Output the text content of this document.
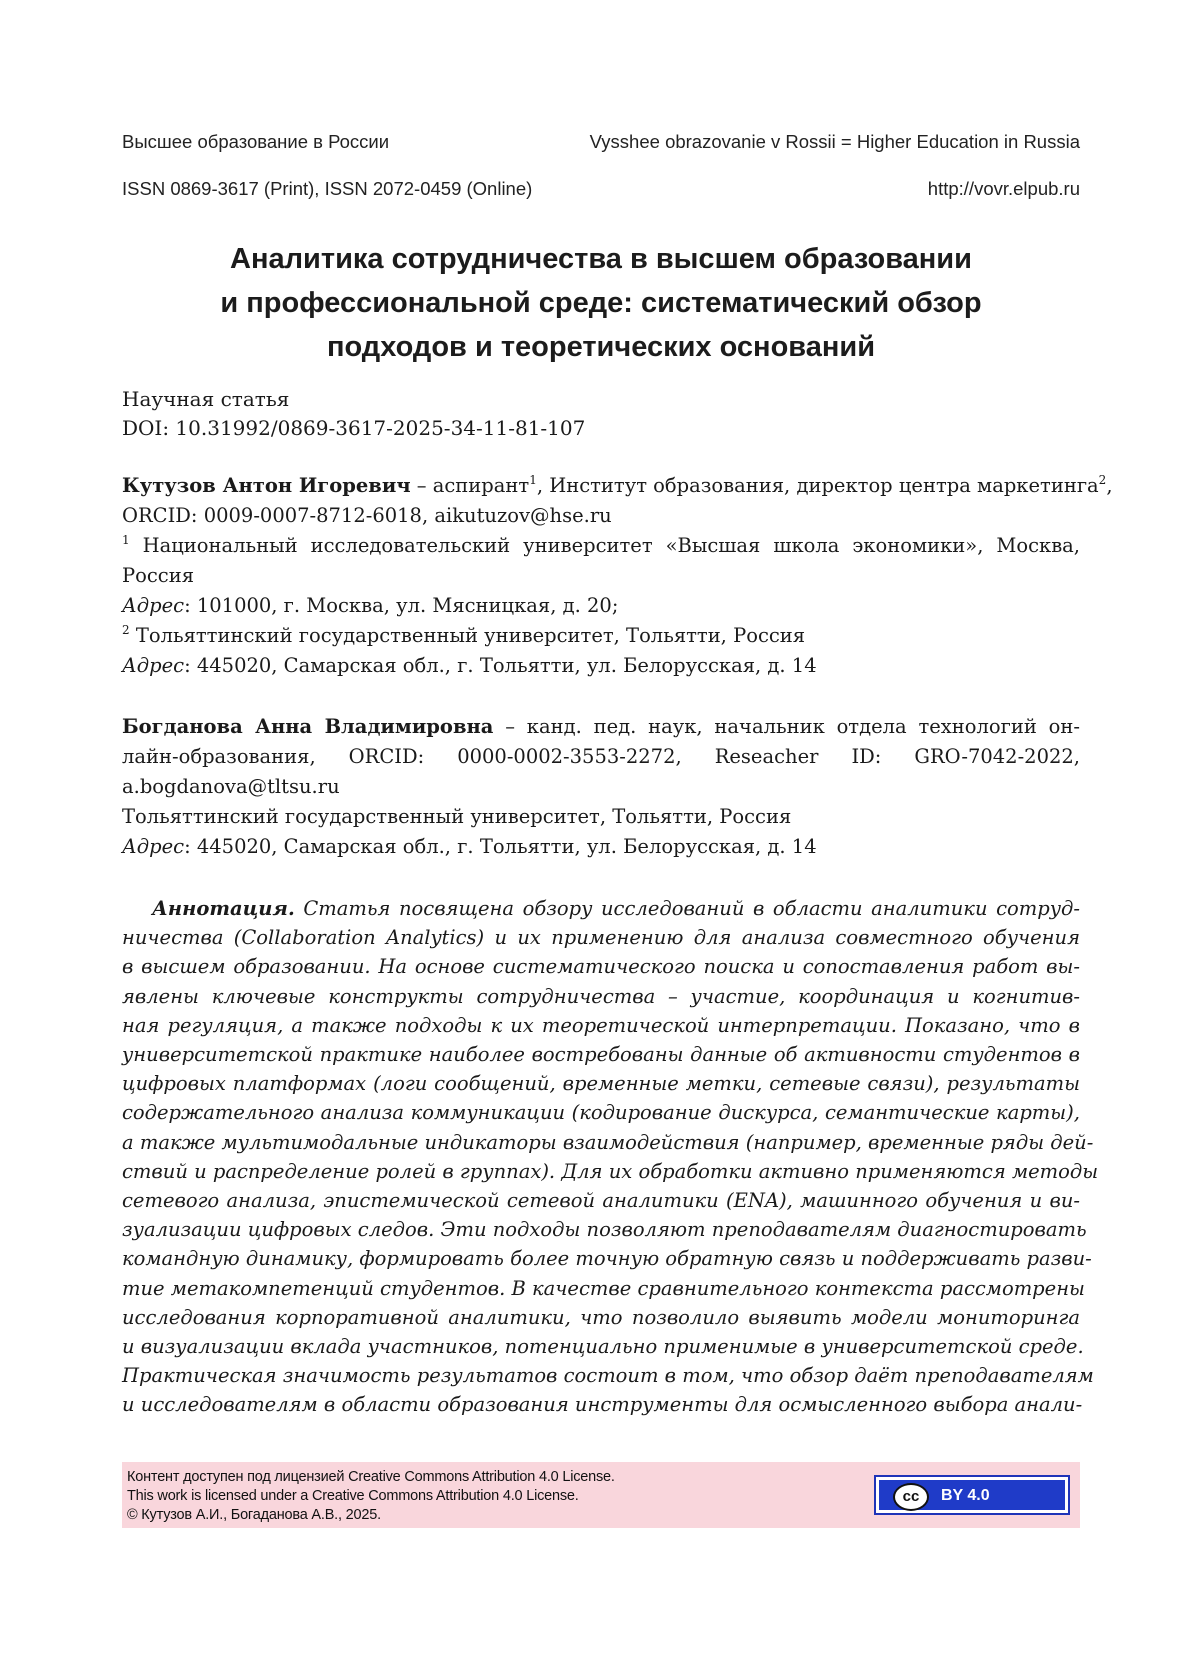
Высшее образование в России	Vysshee obrazovanie v Rossii = Higher Education in Russia
ISSN 0869-3617 (Print), ISSN 2072-0459 (Online)	http://vovr.elpub.ru
Аналитика сотрудничества в высшем образовании
и профессиональной среде: систематический обзор
подходов и теоретических оснований
Научная статья
DOI: 10.31992/0869-3617-2025-34-11-81-107
Кутузов Антон Игоревич – аспирант$^1$, Институт образования, директор центра маркетинга$^2$,
ORCID: 0009-0007-8712-6018, aikutuzov@hse.ru
$^1$ Национальный исследовательский университет «Высшая школа экономики», Москва,
Россия
Адрес: 101000, г. Москва, ул. Мясницкая, д. 20;
$^2$ Тольяттинский государственный университет, Тольятти, Россия
Адрес: 445020, Самарская обл., г. Тольятти, ул. Белорусская, д. 14
Богданова Анна Владимировна – канд. пед. наук, начальник отдела технологий он-
лайн-образования, ORCID: 0000-0002-3553-2272, Reseacher ID: GRO-7042-2022,
a.bogdanova@tltsu.ru
Тольяттинский государственный университет, Тольятти, Россия
Адрес: 445020, Самарская обл., г. Тольятти, ул. Белорусская, д. 14
Аннотация. Статья посвящена обзору исследований в области аналитики сотруд-
ничества (Collaboration Analytics) и их применению для анализа совместного обучения
в высшем образовании. На основе систематического поиска и сопоставления работ вы-
явлены ключевые конструкты сотрудничества – участие, координация и когнитив-
ная регуляция, а также подходы к их теоретической интерпретации. Показано, что в
университетской практике наиболее востребованы данные об активности студентов в
цифровых платформах (логи сообщений, временные метки, сетевые связи), результаты
содержательного анализа коммуникации (кодирование дискурса, семантические карты),
а также мультимодальные индикаторы взаимодействия (например, временные ряды дей-
ствий и распределение ролей в группах). Для их обработки активно применяются методы
сетевого анализа, эпистемической сетевой аналитики (ENA), машинного обучения и ви-
зуализации цифровых следов. Эти подходы позволяют преподавателям диагностировать
командную динамику, формировать более точную обратную связь и поддерживать разви-
тие метакомпетенций студентов. В качестве сравнительного контекста рассмотрены
исследования корпоративной аналитики, что позволило выявить модели мониторинга
и визуализации вклада участников, потенциально применимые в университетской среде.
Практическая значимость результатов состоит в том, что обзор даёт преподавателям
и исследователям в области образования инструменты для осмысленного выбора анали-
Контент доступен под лицензией Creative Commons Attribution 4.0 License.
This work is licensed under a Creative Commons Attribution 4.0 License.
© Кутузов А.И., Богаданова А.В., 2025.
cc	BY 4.0
